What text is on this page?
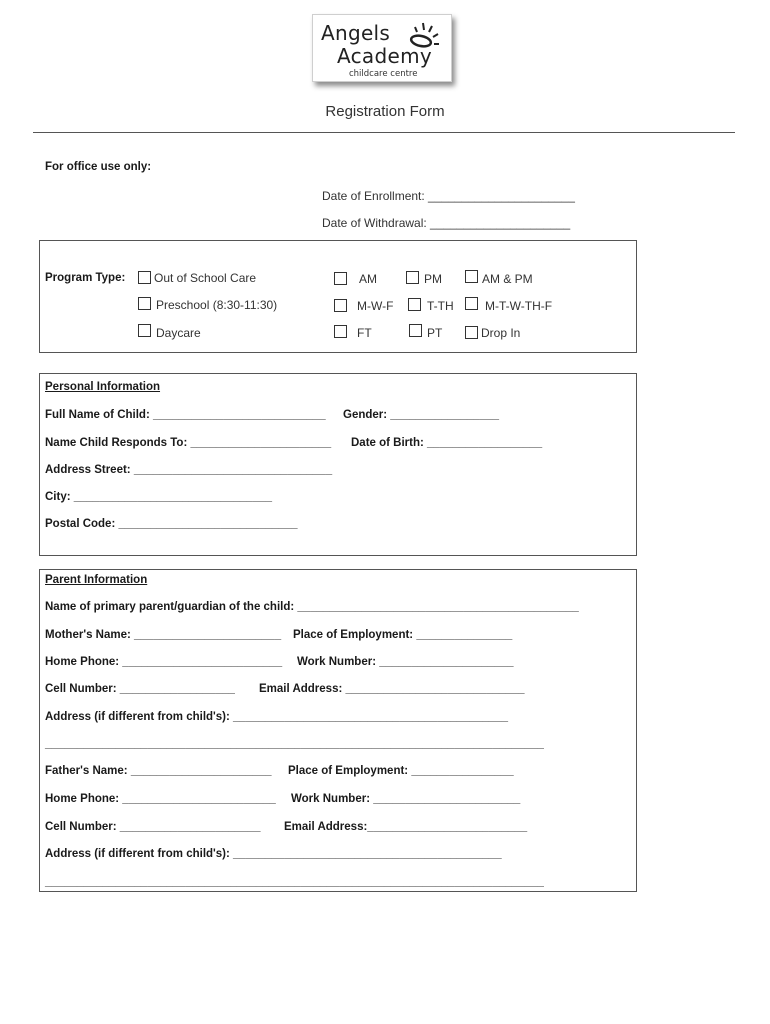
Angels
Academy
childcare centre
Registration Form
For office use only:
Date of Enrollment: ______________________
Date of Withdrawal: _____________________
Program Type: Out of School Care
Preschool (8:30-11:30)
Daycare
AM
M-W-F
FT
PM
T-TH
PT
AM & PM
M-T-W-TH-F
Drop In
Personal Information
Full Name of Child: ___________________________ Gender: _________________
Name Child Responds To: ______________________ Date of Birth: __________________
Address Street: _______________________________
City: _______________________________
Postal Code: ____________________________
Parent Information
Name of primary parent/guardian of the child: ____________________________________________
Mother's Name: _______________________ Place of Employment: _______________
Home Phone: _________________________ Work Number: _____________________
Cell Number: __________________ Email Address: ____________________________
Address (if different from child's): ___________________________________________
______________________________________________________________________________
Father's Name: ______________________ Place of Employment: ________________
Home Phone: ________________________ Work Number: _______________________
Cell Number: ______________________ Email Address:_________________________
Address (if different from child's): __________________________________________
______________________________________________________________________________
